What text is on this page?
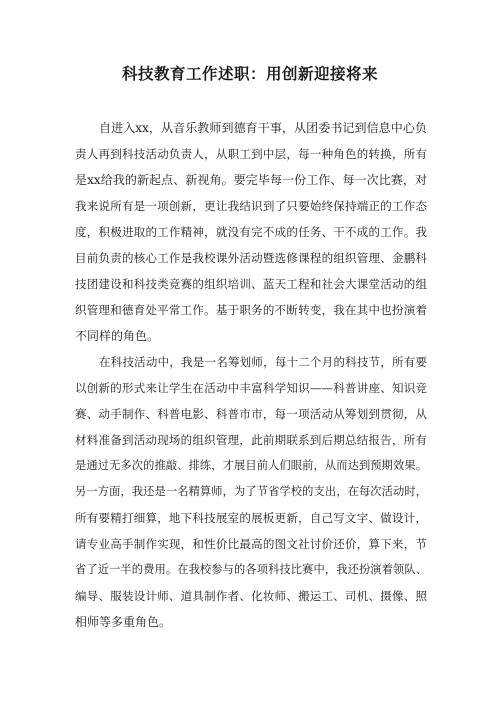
科技教育工作述职：用创新迎接将来
自进入xx，从音乐教师到德育干事，从团委书记到信息中心负
责人再到科技活动负责人，从职工到中层，每一种角色的转换，所有
是xx给我的新起点、新视角。要完毕每一份工作、每一次比赛，对
我来说所有是一项创新，更让我结识到了只要始终保持端正的工作态
度，积极进取的工作精神，就没有完不成的任务、干不成的工作。我
目前负责的核心工作是我校课外活动暨选修课程的组织管理、金鹏科
技团建设和科技类竞赛的组织培训、蓝天工程和社会大课堂活动的组
织管理和德育处平常工作。基于职务的不断转变，我在其中也扮演着
不同样的角色。
在科技活动中，我是一名筹划师，每十二个月的科技节，所有要
以创新的形式来让学生在活动中丰富科学知识——科普讲座、知识竞
赛、动手制作、科普电影、科普市市，每一项活动从筹划到贯彻，从
材料准备到活动现场的组织管理，此前期联系到后期总结报告，所有
是通过无多次的推敲、排练，才展目前人们眼前，从而达到预期效果。
另一方面，我还是一名精算师，为了节省学校的支出，在每次活动时，
所有要精打细算，地下科技展室的展板更新，自己写文字、做设计，
请专业高手制作实现，和性价比最高的图文社讨价还价，算下来，节
省了近一半的费用。在我校参与的各项科技比赛中，我还扮演着领队、
编导、服装设计师、道具制作者、化妆师、搬运工、司机、摄像、照
相师等多重角色。
